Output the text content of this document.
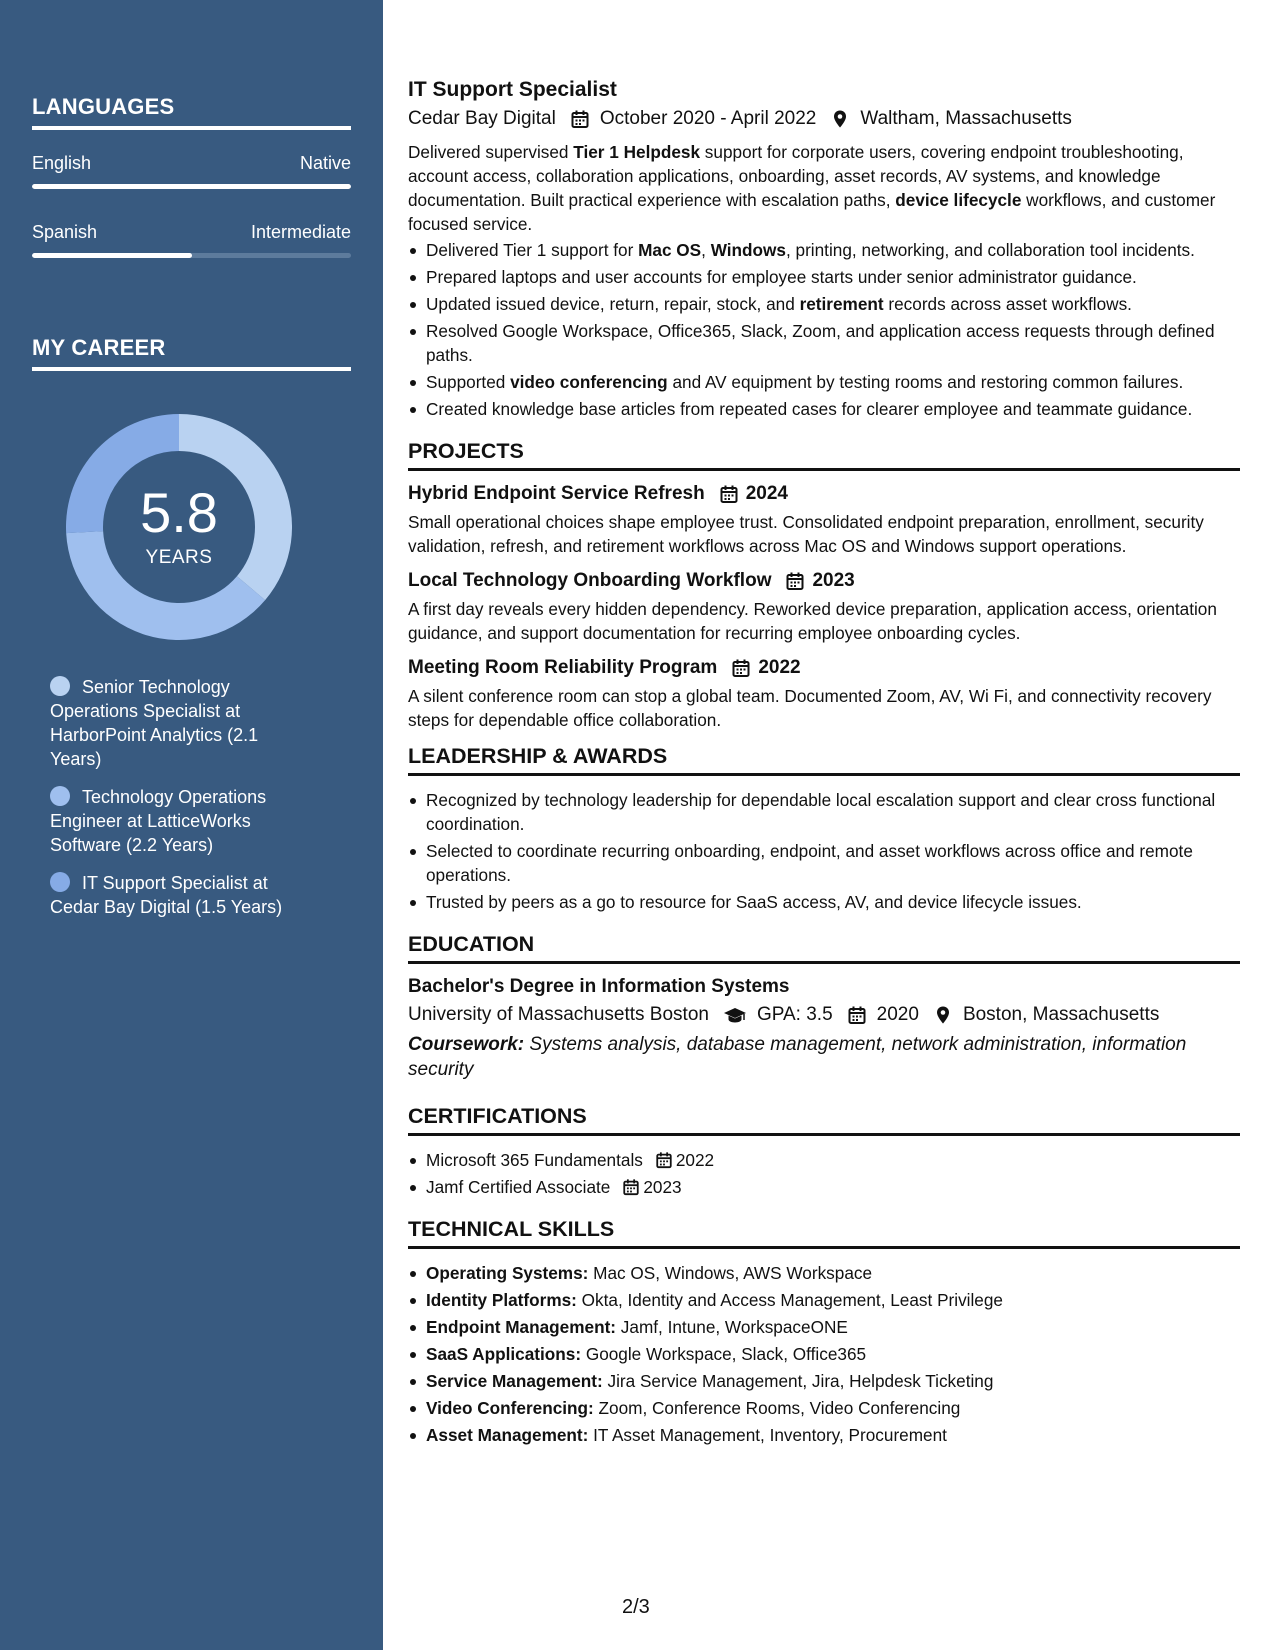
LANGUAGES
English	Native
Spanish	Intermediate
MY CAREER
5.8
YEARS
Senior Technology Operations Specialist at HarborPoint Analytics (2.1 Years)
Technology Operations Engineer at LatticeWorks Software (2.2 Years)
IT Support Specialist at Cedar Bay Digital (1.5 Years)
IT Support Specialist
Cedar Bay Digital October 2020 - April 2022 Waltham, Massachusetts

Delivered supervised Tier 1 Helpdesk support for corporate users, covering endpoint troubleshooting, account access, collaboration applications, onboarding, asset records, AV systems, and knowledge documentation. Built practical experience with escalation paths, device lifecycle workflows, and customer focused service.

Delivered Tier 1 support for Mac OS, Windows, printing, networking, and collaboration tool incidents.
Prepared laptops and user accounts for employee starts under senior administrator guidance.
Updated issued device, return, repair, stock, and retirement records across asset workflows.
Resolved Google Workspace, Office365, Slack, Zoom, and application access requests through defined paths.
Supported video conferencing and AV equipment by testing rooms and restoring common failures.
Created knowledge base articles from repeated cases for clearer employee and teammate guidance.
PROJECTS
Hybrid Endpoint Service Refresh 2024

Small operational choices shape employee trust. Consolidated endpoint preparation, enrollment, security validation, refresh, and retirement workflows across Mac OS and Windows support operations.

Local Technology Onboarding Workflow 2023

A first day reveals every hidden dependency. Reworked device preparation, application access, orientation guidance, and support documentation for recurring employee onboarding cycles.

Meeting Room Reliability Program 2022

A silent conference room can stop a global team. Documented Zoom, AV, Wi Fi, and connectivity recovery steps for dependable office collaboration.

LEADERSHIP & AWARDS
Recognized by technology leadership for dependable local escalation support and clear cross functional coordination.
Selected to coordinate recurring onboarding, endpoint, and asset workflows across office and remote operations.
Trusted by peers as a go to resource for SaaS access, AV, and device lifecycle issues.
EDUCATION
Bachelor's Degree in Information Systems
University of Massachusetts Boston	GPA: 3.5 2020 Boston, Massachusetts

Coursework: Systems analysis, database management, network administration, information security

CERTIFICATIONS
Microsoft 365 Fundamentals 2022
Jamf Certified Associate 2023
TECHNICAL SKILLS
Operating Systems: Mac OS, Windows, AWS Workspace
Identity Platforms: Okta, Identity and Access Management, Least Privilege
Endpoint Management: Jamf, Intune, WorkspaceONE
SaaS Applications: Google Workspace, Slack, Office365
Service Management: Jira Service Management, Jira, Helpdesk Ticketing
Video Conferencing: Zoom, Conference Rooms, Video Conferencing
Asset Management: IT Asset Management, Inventory, Procurement
2/3
